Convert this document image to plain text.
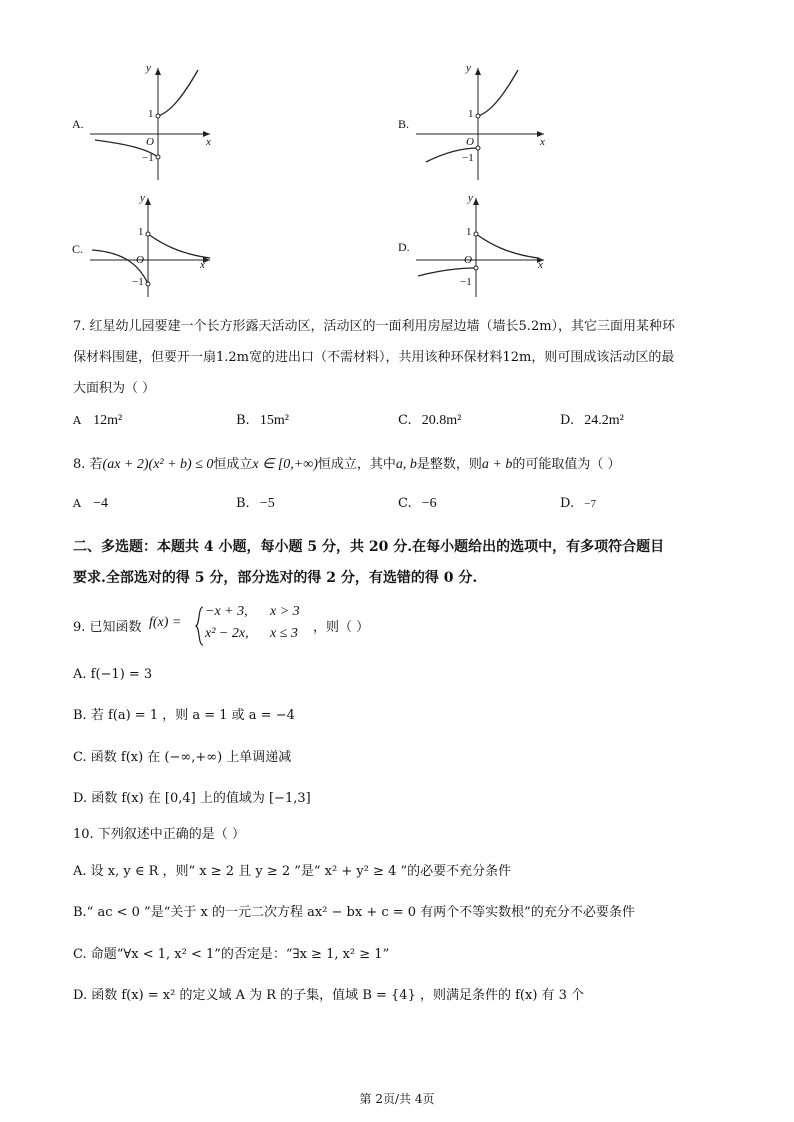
A.
y
x
1
O
−1
B.
y
x
1
O
−1
C.
y
x
1
O
−1
D.
y
x
1
O
−1
7. 红星幼儿园要建一个长方形露天活动区，活动区的一面利用房屋边墙（墙长5.2m），其它三面用某种环
保材料围建，但要开一扇1.2m宽的进出口（不需材料），共用该种环保材料12m，则可围成该活动区的最
大面积为（ ）
A 12m²	B. 15m²	C. 20.8m²	D. 24.2m²
8. 若(ax + 2)(x² + b) ≤ 0恒成立x ∈ [0,+∞)恒成立，其中a, b是整数，则a + b的可能取值为（ ）
A −4	B. −5	C. −6	D. −7
二、多选题：本题共 4 小题，每小题 5 分，共 20 分.在每小题给出的选项中，有多项符合题目
要求.全部选对的得 5 分，部分选对的得 2 分，有选错的得 0 分.
9. 已知函数 f(x) =
−x + 3, x > 3
x² − 2x, x ≤ 3 ，则（ ）
A. f(−1) = 3
B. 若 f(a) = 1 ，则 a = 1 或 a = −4
C. 函数 f(x) 在 (−∞,+∞) 上单调递减
D. 函数 f(x) 在 [0,4] 上的值域为 [−1,3]
10. 下列叙述中正确的是（ ）
A. 设 x, y ∈ R ，则“ x ≥ 2 且 y ≥ 2 ”是“ x² + y² ≥ 4 ”的必要不充分条件
B.“ ac < 0 ”是“关于 x 的一元二次方程 ax² − bx + c = 0 有两个不等实数根”的充分不必要条件
C. 命题“∀x < 1, x² < 1”的否定是：“∃x ≥ 1, x² ≥ 1”
D. 函数 f(x) = x² 的定义域 A 为 R 的子集，值域 B = {4} ，则满足条件的 f(x) 有 3 个
第 2页/共 4页
